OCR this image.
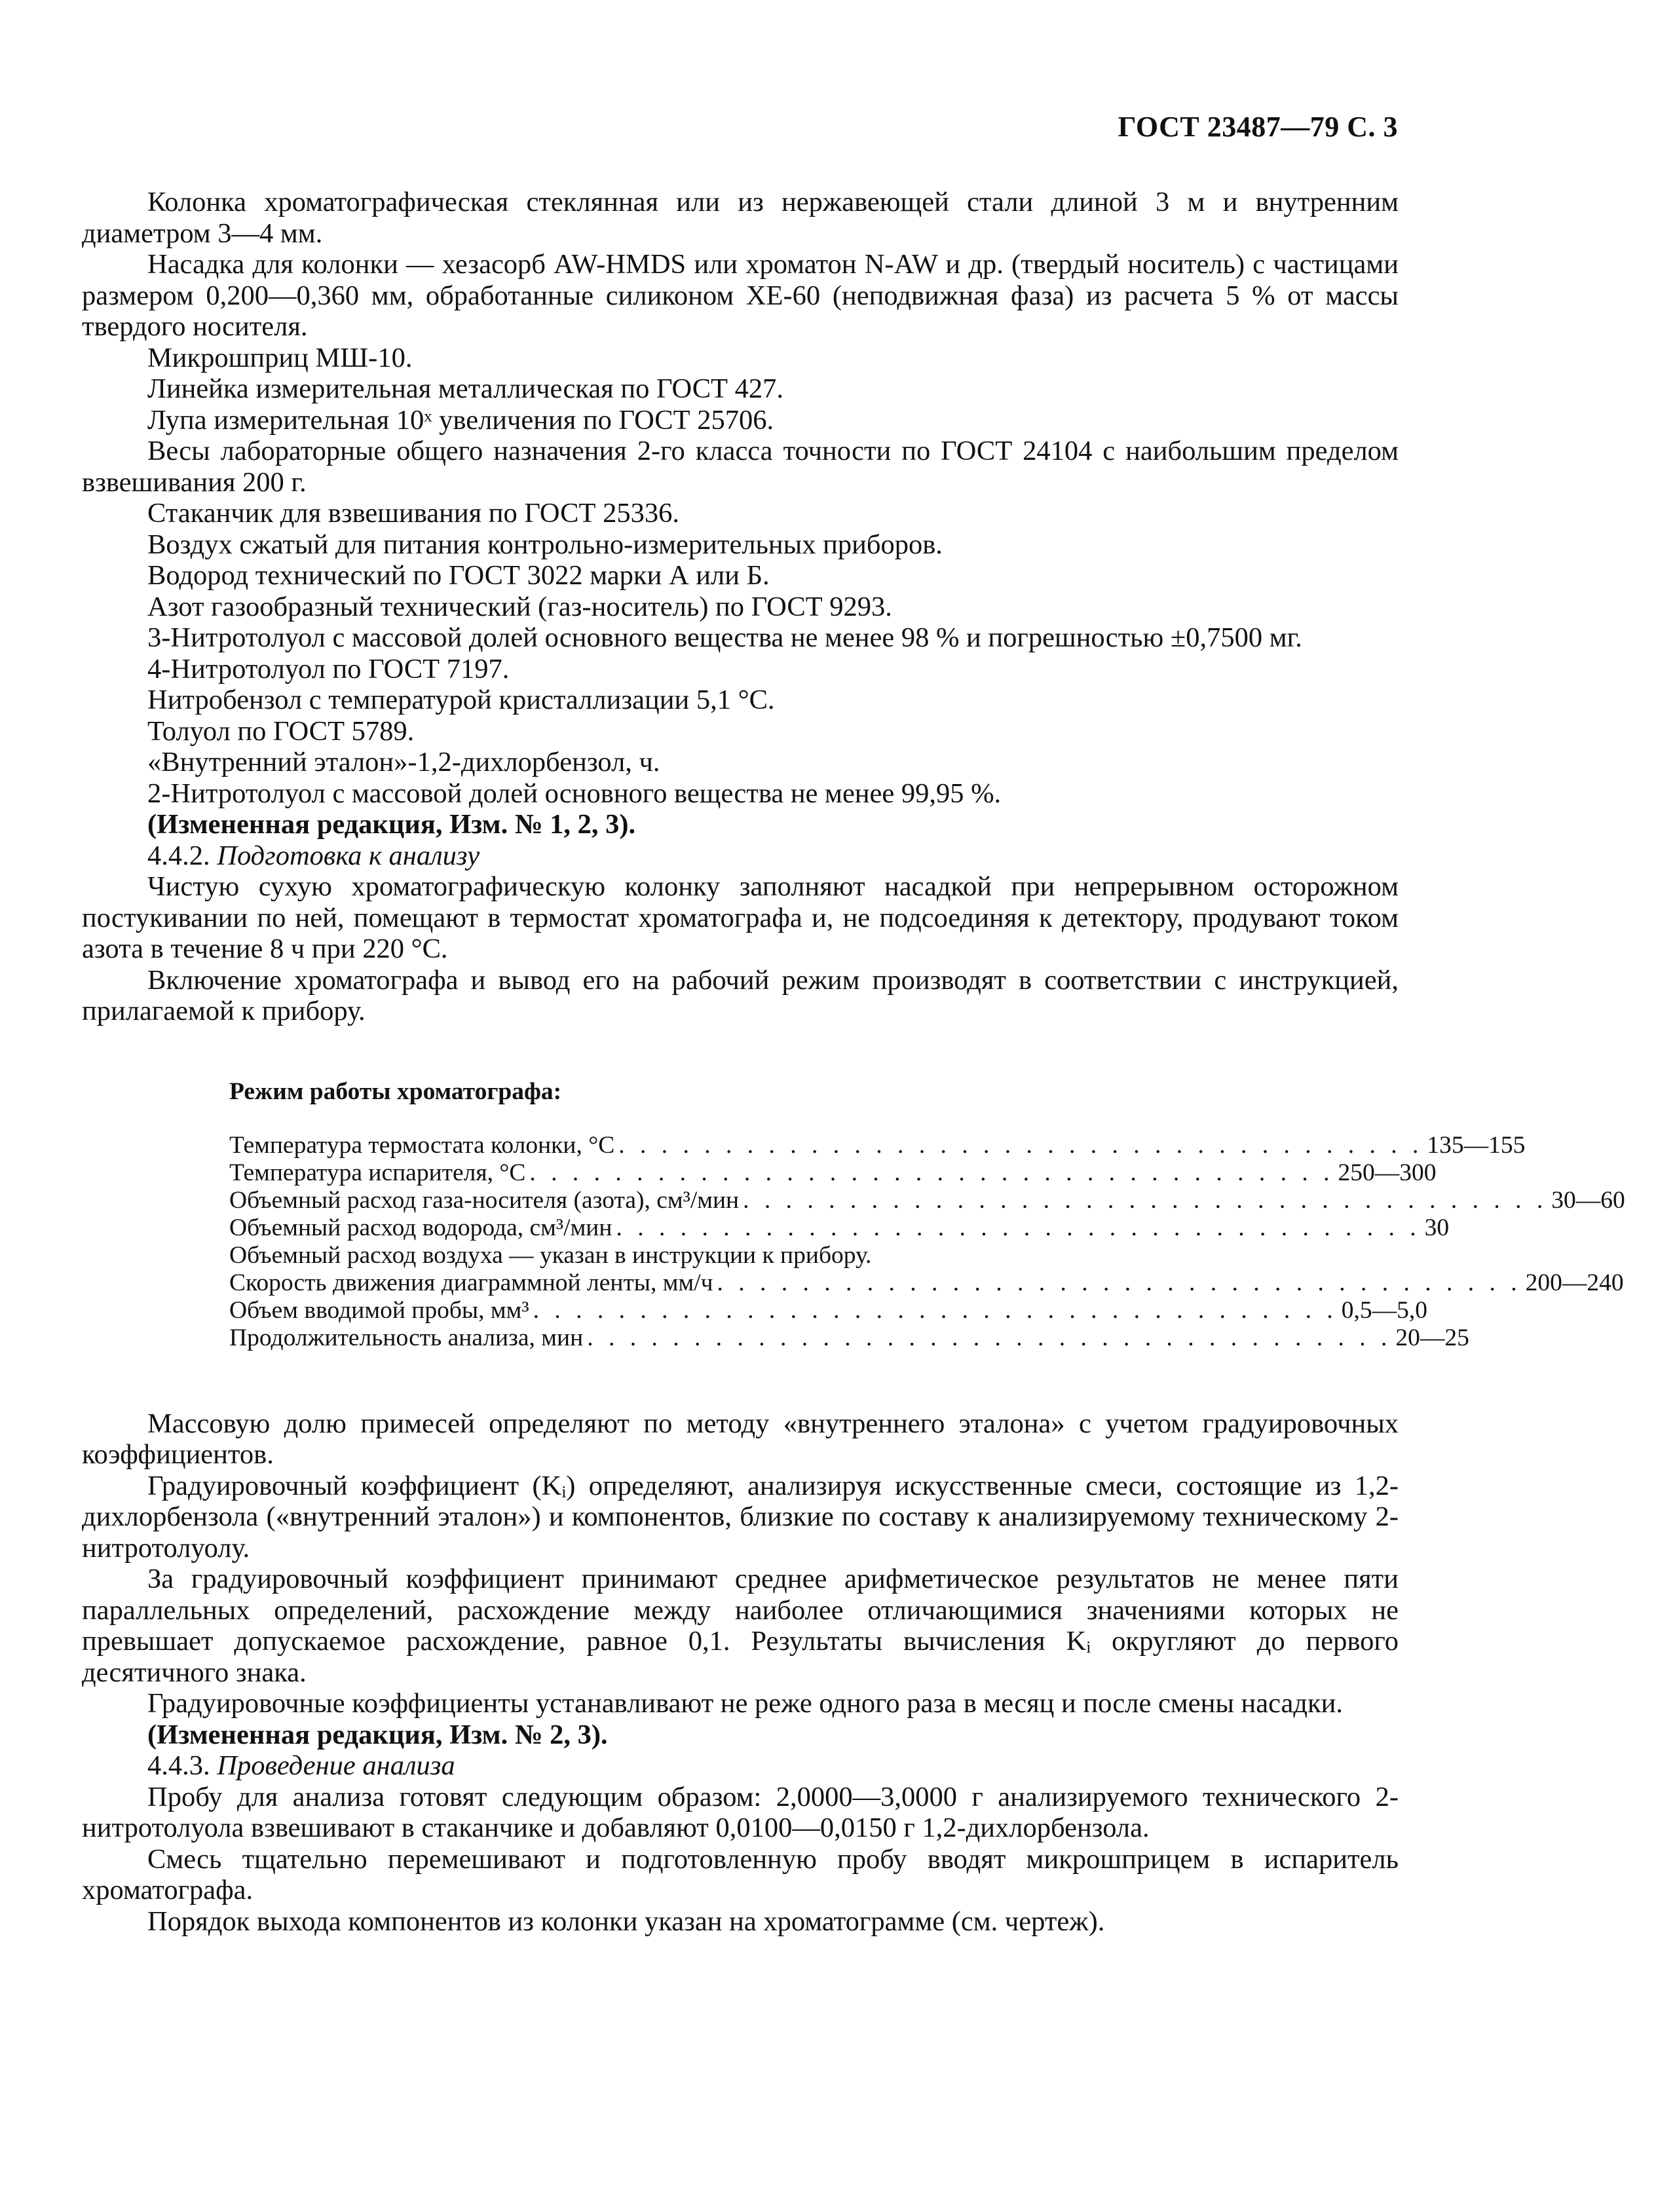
ГОСТ 23487—79 С. 3

Колонка хроматографическая стеклянная или из нержавеющей стали длиной 3 м и внутренним диаметром 3—4 мм.

Насадка для колонки — хезасорб AW-HMDS или хроматон N-AW и др. (твердый носитель) с частицами размером 0,200—0,360 мм, обработанные силиконом ХЕ-60 (неподвижная фаза) из расчета 5 % от массы твердого носителя.

Микрошприц МШ-10.

Линейка измерительная металлическая по ГОСТ 427.

Лупа измерительная 10ˣ увеличения по ГОСТ 25706.

Весы лабораторные общего назначения 2-го класса точности по ГОСТ 24104 с наибольшим пределом взвешивания 200 г.

Стаканчик для взвешивания по ГОСТ 25336.

Воздух сжатый для питания контрольно-измерительных приборов.

Водород технический по ГОСТ 3022 марки А или Б.

Азот газообразный технический (газ-носитель) по ГОСТ 9293.

3-Нитротолуол с массовой долей основного вещества не менее 98 % и погрешностью ±0,7500 мг.

4-Нитротолуол по ГОСТ 7197.

Нитробензол с температурой кристаллизации 5,1 °С.

Толуол по ГОСТ 5789.

«Внутренний эталон»-1,2-дихлорбензол, ч.

2-Нитротолуол с массовой долей основного вещества не менее 99,95 %.

(Измененная редакция, Изм. № 1, 2, 3).

4.4.2. Подготовка к анализу

Чистую сухую хроматографическую колонку заполняют насадкой при непрерывном осторожном постукивании по ней, помещают в термостат хроматографа и, не подсоединяя к детектору, продувают током азота в течение 8 ч при 220 °С.

Включение хроматографа и вывод его на рабочий режим производят в соответствии с инструкцией, прилагаемой к прибору.

Режим работы хроматографа:
Температура термостата колонки, °С . . . . . . . . . . . . . . . . . . . . . . . . . . . . . . . . . . . . . . 135—155
Температура испарителя, °С . . . . . . . . . . . . . . . . . . . . . . . . . . . . . . . . . . . . . . 250—300
Объемный расход газа-носителя (азота), см³/мин . . . . . . . . . . . . . . . . . . . . . . . . . . . . . . . . . . . . . . 30—60
Объемный расход водорода, см³/мин . . . . . . . . . . . . . . . . . . . . . . . . . . . . . . . . . . . . . . 30
Объемный расход воздуха — указан в инструкции к прибору.
Скорость движения диаграммной ленты, мм/ч . . . . . . . . . . . . . . . . . . . . . . . . . . . . . . . . . . . . . . 200—240
Объем вводимой пробы, мм³ . . . . . . . . . . . . . . . . . . . . . . . . . . . . . . . . . . . . . . 0,5—5,0
Продолжительность анализа, мин . . . . . . . . . . . . . . . . . . . . . . . . . . . . . . . . . . . . . . 20—25

Массовую долю примесей определяют по методу «внутреннего эталона» с учетом градуировочных коэффициентов.

Градуировочный коэффициент (Kᵢ) определяют, анализируя искусственные смеси, состоящие из 1,2-дихлорбензола («внутренний эталон») и компонентов, близкие по составу к анализируемому техническому 2-нитротолуолу.

За градуировочный коэффициент принимают среднее арифметическое результатов не менее пяти параллельных определений, расхождение между наиболее отличающимися значениями которых не превышает допускаемое расхождение, равное 0,1. Результаты вычисления Kᵢ округляют до первого десятичного знака.

Градуировочные коэффициенты устанавливают не реже одного раза в месяц и после смены насадки.

(Измененная редакция, Изм. № 2, 3).

4.4.3. Проведение анализа

Пробу для анализа готовят следующим образом: 2,0000—3,0000 г анализируемого технического 2-нитротолуола взвешивают в стаканчике и добавляют 0,0100—0,0150 г 1,2-дихлорбензола.

Смесь тщательно перемешивают и подготовленную пробу вводят микрошприцем в испаритель хроматографа.

Порядок выхода компонентов из колонки указан на хроматограмме (см. чертеж).
